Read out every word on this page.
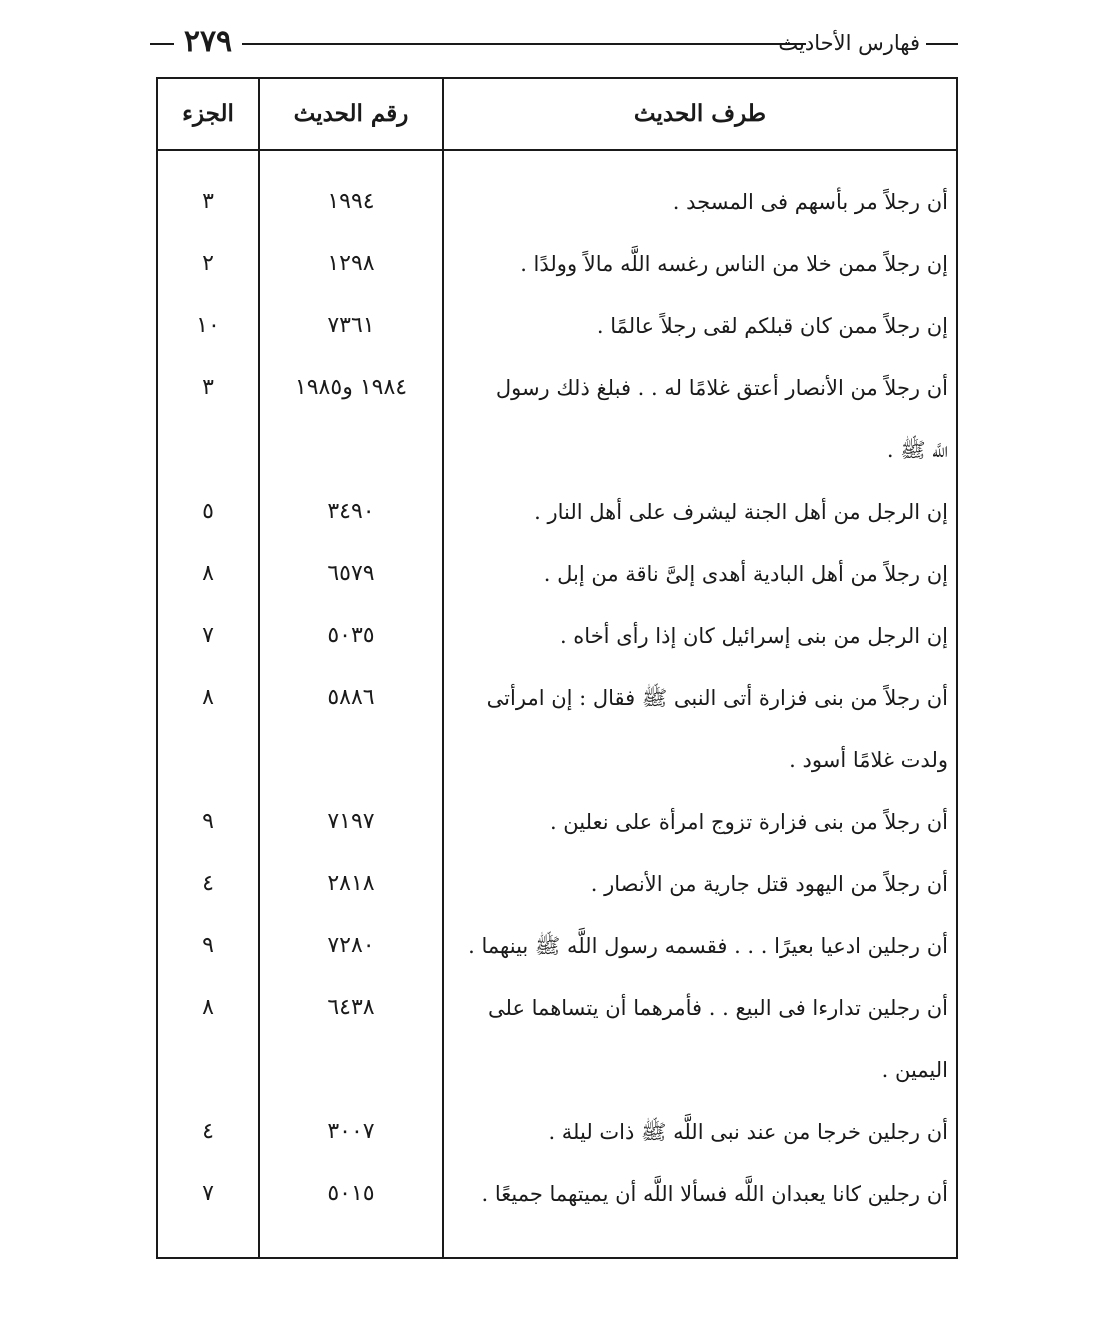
٢٧٩	فهارس الأحاديث
الجزء	رقم الحديث	طرف الحديث
٣	١٩٩٤	أن رجلاً مر بأسهم فى المسجد .
٢	١٢٩٨	إن رجلاً ممن خلا من الناس رغسه اللَّه مالاً وولدًا .
١٠	٧٣٦١	إن رجلاً ممن كان قبلكم لقى رجلاً عالمًا .
٣	١٩٨٤ و١٩٨٥	أن رجلاً من الأنصار أعتق غلامًا له . . فبلغ ذلك رسول
اللَّه ﷺ .
٥	٣٤٩٠	إن الرجل من أهل الجنة ليشرف على أهل النار .
٨	٦٥٧٩	إن رجلاً من أهل البادية أهدى إلىَّ ناقة من إبل .
٧	٥٠٣٥	إن الرجل من بنى إسرائيل كان إذا رأى أخاه .
٨	٥٨٨٦	أن رجلاً من بنى فزارة أتى النبى ﷺ فقال : إن امرأتى
ولدت غلامًا أسود .
٩	٧١٩٧	أن رجلاً من بنى فزارة تزوج امرأة على نعلين .
٤	٢٨١٨	أن رجلاً من اليهود قتل جارية من الأنصار .
٩	٧٢٨٠	أن رجلين ادعيا بعيرًا . . . فقسمه رسول اللَّه ﷺ بينهما .
٨	٦٤٣٨	أن رجلين تدارءا فى البيع . . فأمرهما أن يتساهما على
اليمين .
٤	٣٠٠٧	أن رجلين خرجا من عند نبى اللَّه ﷺ ذات ليلة .
٧	٥٠١٥	أن رجلين كانا يعبدان اللَّه فسألا اللَّه أن يميتهما جميعًا .
